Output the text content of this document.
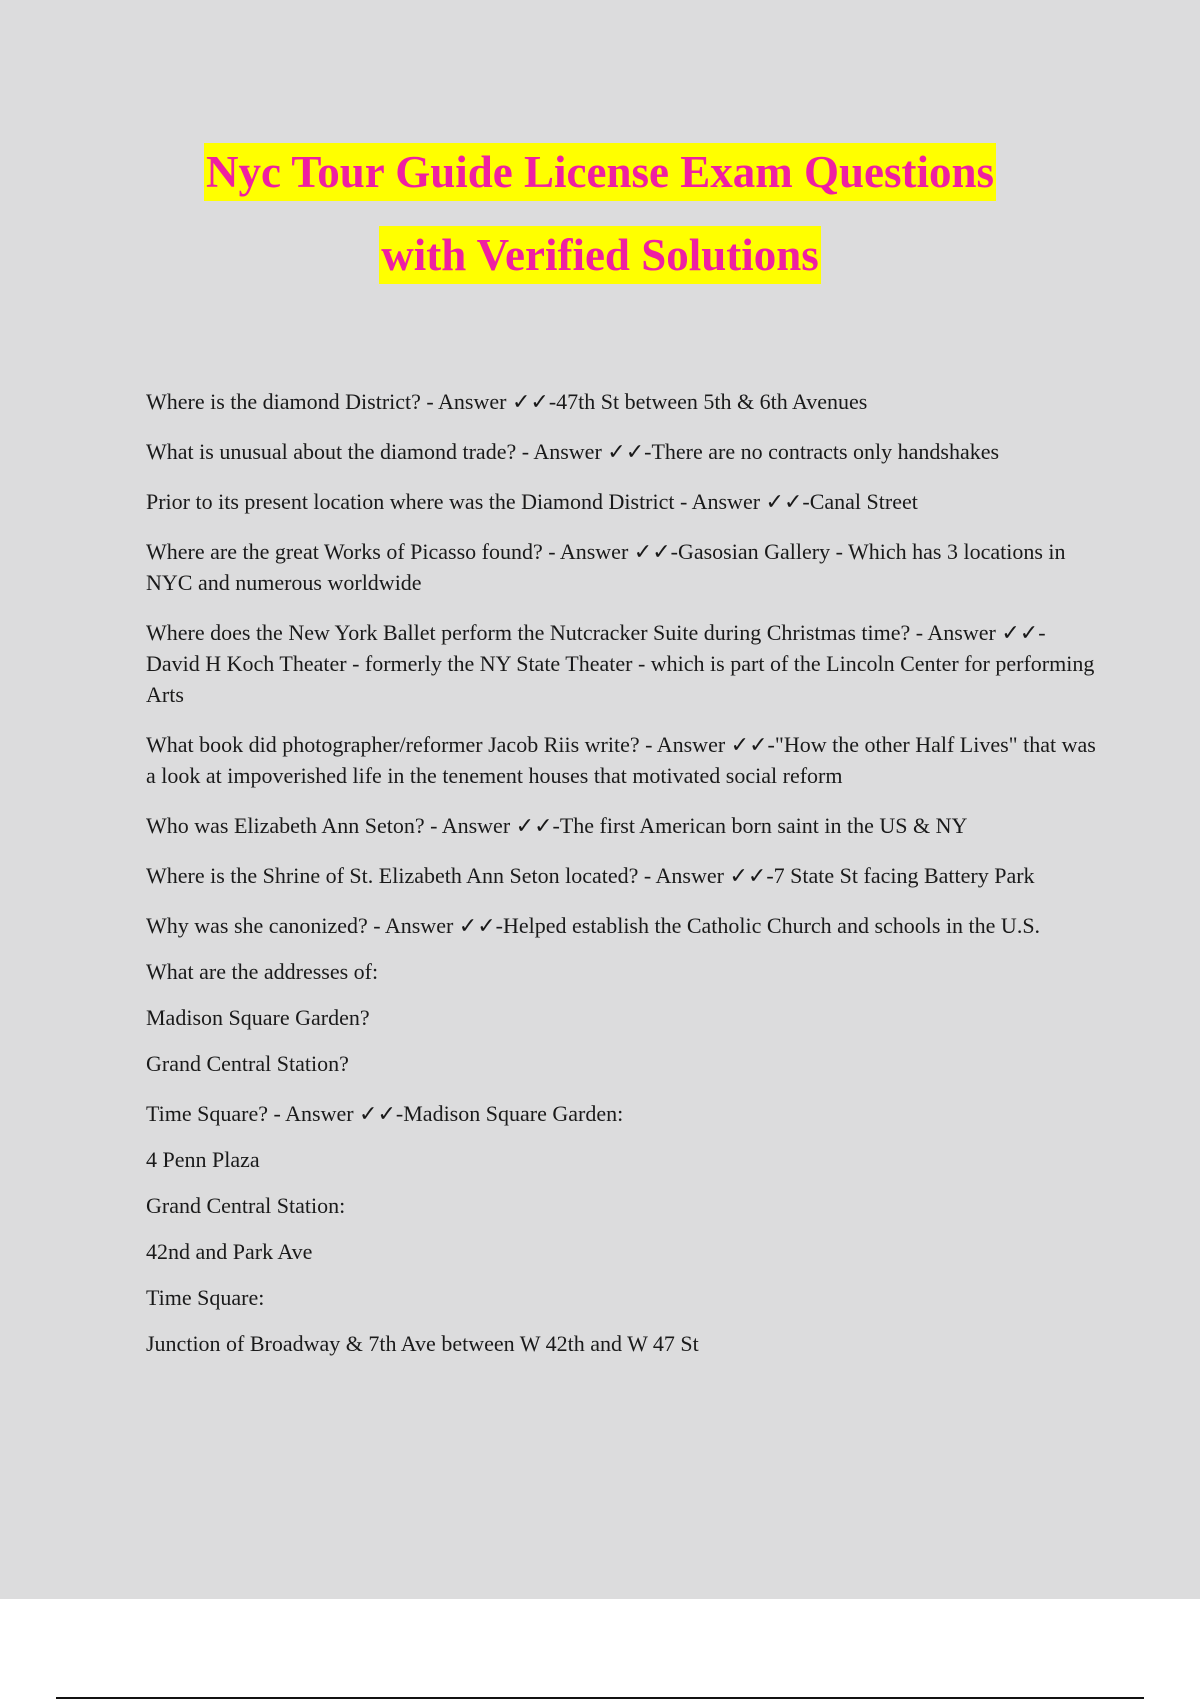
Nyc Tour Guide License Exam Questions
with Verified Solutions

Where is the diamond District? - Answer ✓✓-47th St between 5th & 6th Avenues

What is unusual about the diamond trade? - Answer ✓✓-There are no contracts only handshakes

Prior to its present location where was the Diamond District - Answer ✓✓-Canal Street

Where are the great Works of Picasso found? - Answer ✓✓-Gasosian Gallery - Which has 3 locations in NYC and numerous worldwide

Where does the New York Ballet perform the Nutcracker Suite during Christmas time? - Answer ✓✓-David H Koch Theater - formerly the NY State Theater - which is part of the Lincoln Center for performing Arts

What book did photographer/reformer Jacob Riis write? - Answer ✓✓-"How the other Half Lives" that was a look at impoverished life in the tenement houses that motivated social reform

Who was Elizabeth Ann Seton? - Answer ✓✓-The first American born saint in the US & NY

Where is the Shrine of St. Elizabeth Ann Seton located? - Answer ✓✓-7 State St facing Battery Park

Why was she canonized? - Answer ✓✓-Helped establish the Catholic Church and schools in the U.S.

What are the addresses of:

Madison Square Garden?

Grand Central Station?

Time Square? - Answer ✓✓-Madison Square Garden:

4 Penn Plaza

Grand Central Station:

42nd and Park Ave

Time Square:

Junction of Broadway & 7th Ave between W 42th and W 47 St
